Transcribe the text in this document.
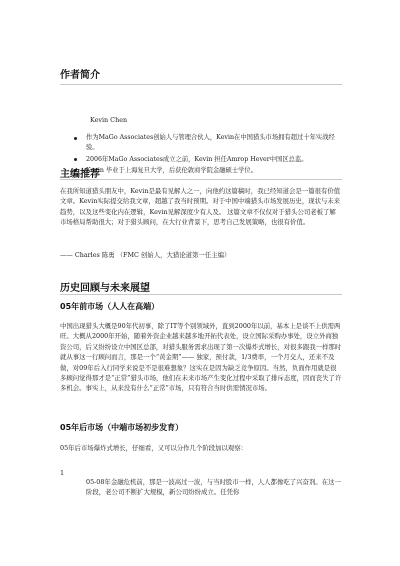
作者简介
Kevin Chen
作为MaGo Associates创始人与管理合伙人，Kevin在中国猎头市场拥有超过十年实战经验。
2006年MaGo Associates成立之前，Kevin 担任Amrop Hever中国区总监。
Kevin 毕业于上海复旦大学，后获伦敦商学院金融硕士学位。
主编推荐
在我所知道猎头朋友中，Kevin是最有见解人之一，向他约这篇稿时，我已经知道会是一篇很有价值文章。Kevin实际提交给我文章，超越了我当时预期。对于中国中端猎头市场发展历史，现状与未来趋势，以及这些变化内在逻辑，Kevin见解深度少有人及。 这篇文章不仅仅对于猎头公司老板了解市场格局帮助很大；对于猎头顾问，在大行业背景下，思考自己发展策略，也很有价值。
—— Charles 陈勇 （FMC 创始人，大猎论道第一任主编）
历史回顾与未来展望
05年前市场（人人在高端）
中国出现猎头大概是90年代初事，除了IT等个别领域外，直到2000年以前，基本上是谈不上供需两旺。大概从2000年开始，随着外资企业越来越多地开拓代表处，设立国际采购办事处，设立外商独资公司，后又纷纷设立中国区总部，对猎头服务需求出现了第一次爆炸式增长，对很多跟我一样那时就从事这一行顾问而言，那是一个“黄金期”—— 独家，预付款，1/3费率，一个月交人，还来不及做，对09年后入行同学来说是不是很难想象？这实在是因为缺乏竞争原因。当然，负面作用就是很多顾问觉得那才是“正常”猎头市场，他们在未来市场产生变化过程中采取了排斥态度，因而丧失了许多机会。事实上，从来没有什么“正常”市场，只有符合当时供需情况市场。
05年后市场（中端市场初步发育）
05年后市场爆炸式增长，仔细看，又可以分作几个阶段加以观察：
1
05-08年金融危机前，那是一波高过一波，与当时股市一样，人人都像吃了兴奋剂。在这一阶段，老公司不断扩大规模，新公司纷纷成立。任凭你
